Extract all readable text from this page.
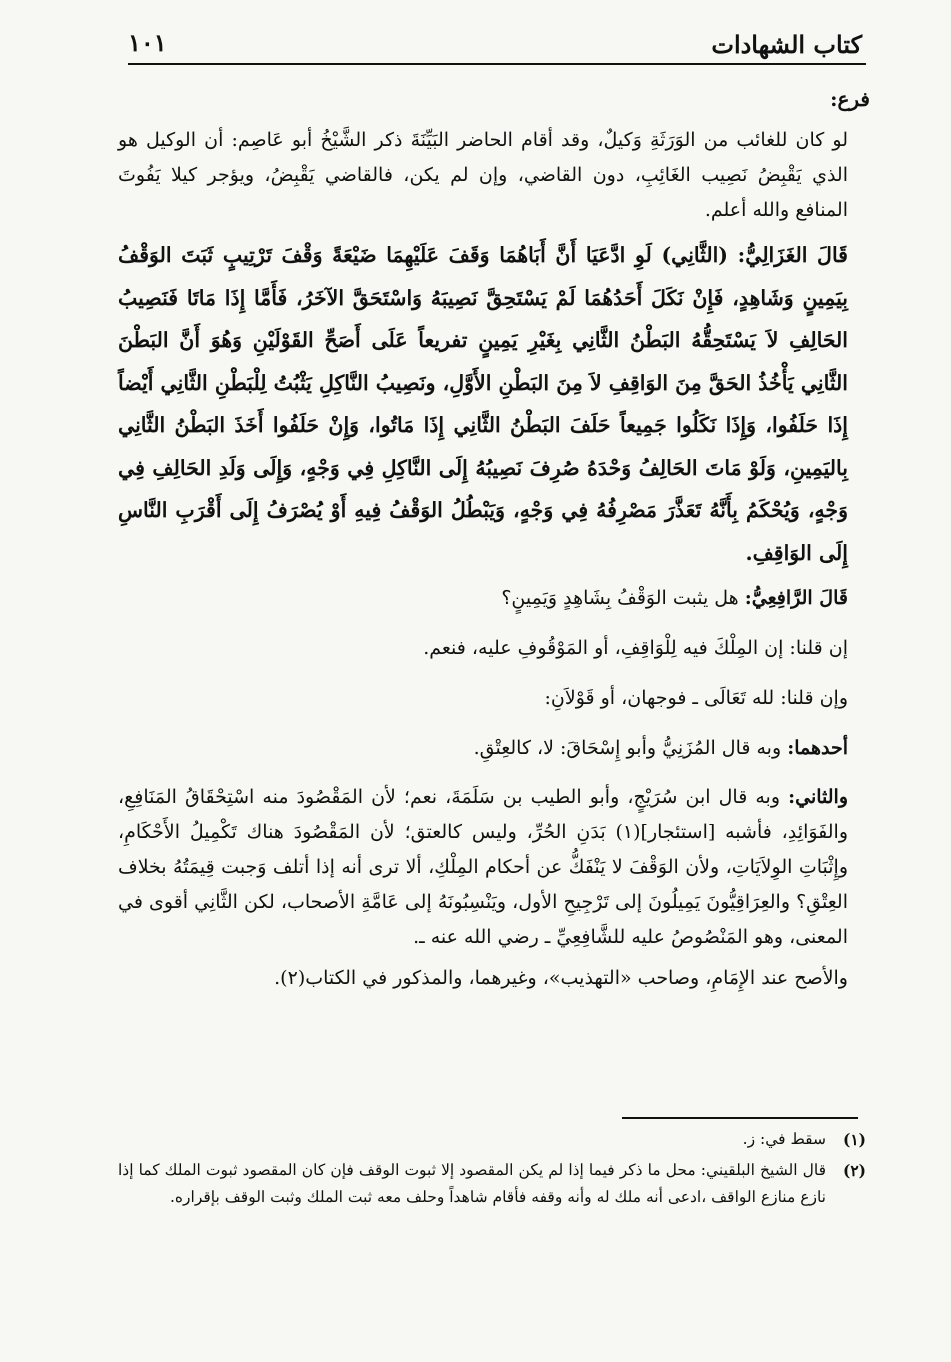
كتاب الشهادات
١٠١

فرع:

لو كان للغائب من الوَرَثَةِ وَكيلٌ، وقد أقام الحاضر البَيِّنَةَ ذكر الشَّيْخُ أبو عَاصِم: أن الوكيل هو الذي يَقْبِضُ نَصِيب الغَائِبِ، دون القاضي، وإن لم يكن، فالقاضي يَقْبِضُ، ويؤجر كيلا يَفُوتَ المنافع والله أعلم.

قَالَ الغَزَالِيُّ: (الثَّانِي) لَوِ ادَّعَيَا أَنَّ أَبَاهُمَا وَقَفَ عَلَيْهِمَا ضَيْعَةً وَقْفَ تَرْتِيبٍ ثَبَتَ الوَقْفُ بِيَمِينٍ وَشَاهِدٍ، فَإِنْ نَكَلَ أَحَدُهُمَا لَمْ يَسْتَحِقَّ نَصِيبَهُ وَاسْتَحَقَّ الآخَرُ، فَأَمَّا إِذَا مَاتَا فَنَصِيبُ الحَالِفِ لاَ يَسْتَحِقُّهُ البَطْنُ الثَّانِي بِغَيْرِ يَمِينٍ تفريعاً عَلَى أَصَحِّ القَوْلَيْنِ وَهُوَ أَنَّ البَطْنَ الثَّانِي يَأْخُذُ الحَقَّ مِنَ الوَاقِفِ لاَ مِنَ البَطْنِ الأَوَّلِ، ونَصِيبُ النَّاكِلِ يَثْبُتُ لِلْبَطْنِ الثَّانِي أَيْضاً إِذَا حَلَفُوا، وَإِذَا نَكَلُوا جَمِيعاً حَلَفَ البَطْنُ الثَّانِي إِذَا مَاتُوا، وَإِنْ حَلَفُوا أَخَذَ البَطْنُ الثَّانِي بِاليَمِينِ، وَلَوْ مَاتَ الحَالِفُ وَحْدَهُ صُرِفَ نَصِيبُهُ إِلَى النَّاكِلِ فِي وَجْهٍ، وَإِلَى وَلَدِ الحَالِفِ فِي وَجْهٍ، وَيُحْكَمُ بِأَنَّهُ تَعَذَّرَ مَصْرِفُهُ فِي وَجْهٍ، وَيَبْطُلُ الوَقْفُ فِيهِ أَوْ يُصْرَفُ إِلَى أَقْرَبِ النَّاسِ إِلَى الوَاقِفِ.

قَالَ الرَّافِعِيُّ: هل يثبت الوَقْفُ بِشَاهِدٍ وَيَمِينٍ؟

إن قلنا: إن المِلْكَ فيه لِلْوَاقِفِ، أو المَوْقُوفِ عليه، فنعم.

وإن قلنا: لله تَعَالَى ـ فوجهان، أو قَوْلاَنِ:

أحدهما: وبه قال المُزَنِيُّ وأبو إِسْحَاقَ: لا، كالعِتْقِ.

والثاني: وبه قال ابن سُرَيْجٍ، وأبو الطيب بن سَلَمَةَ، نعم؛ لأن المَقْصُودَ منه اسْتِحْقَاقُ المَنَافِعِ، والفَوَائِدِ، فأشبه [استئجار](١) بَدَنِ الحُرِّ، وليس كالعتق؛ لأن المَقْصُودَ هناك تَكْمِيلُ الأَحْكَامِ، وإِثْبَاتِ الوِلاَيَاتِ، ولأن الوَقْفَ لا يَنْفَكُّ عن أحكام المِلْكِ، ألا ترى أنه إذا أتلف وَجبت قِيمَتُهُ بخلاف العِتْقِ؟ والعِرَاقِيُّونَ يَمِيلُونَ إلى تَرْجِيحِ الأول، ويَنْسِبُونَهُ إلى عَامَّةِ الأصحاب، لكن الثَّانِي أقوى في المعنى، وهو المَنْصُوصُ عليه للشَّافِعِيِّ ـ رضي الله عنه ـ.

والأصح عند الإِمَامِ، وصاحب «التهذيب»، وغيرهما، والمذكور في الكتاب(٢).

(١)
سقط في: ز.
(٢)
قال الشيخ البلقيني: محل ما ذكر فيما إذا لم يكن المقصود إلا ثبوت الوقف فإن كان المقصود ثبوت الملك كما إذا نازع منازع الواقف ،ادعى أنه ملك له وأنه وقفه فأقام شاهداً وحلف معه ثبت الملك وثبت الوقف بإقراره.
